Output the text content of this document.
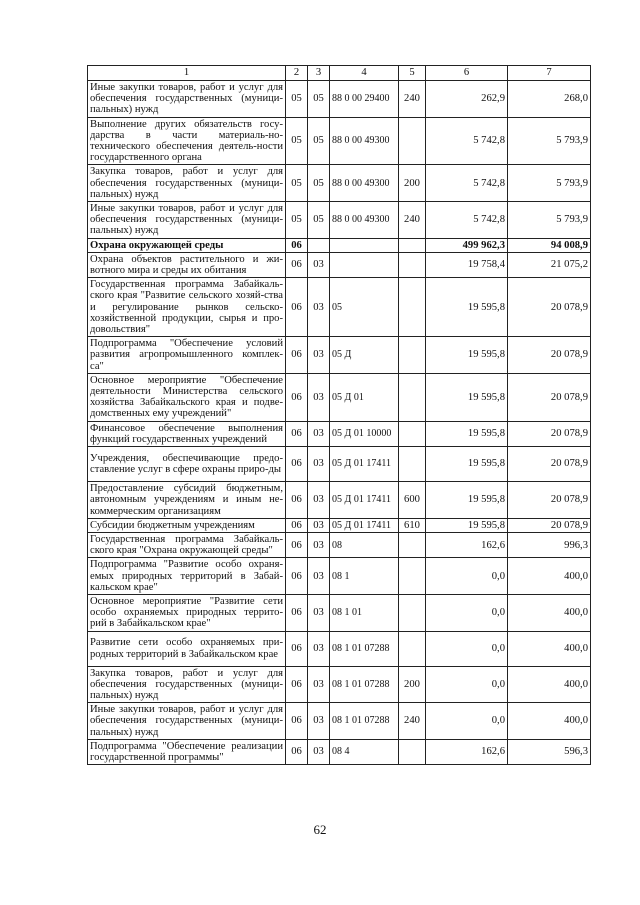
1	2	3	4	5	6	7
Иные закупки товаров, работ и услуг для обеспечения государственных (муници-пальных) нужд	05	05	88 0 00 29400	240	262,9	268,0
Выполнение других обязательств госу-дарства в части материаль-но-технического обеспечения деятель-ности государственного органа	05	05	88 0 00 49300		5 742,8	5 793,9
Закупка товаров, работ и услуг для обеспечения государственных (муници-пальных) нужд	05	05	88 0 00 49300	200	5 742,8	5 793,9
Иные закупки товаров, работ и услуг для обеспечения государственных (муници-пальных) нужд	05	05	88 0 00 49300	240	5 742,8	5 793,9
Охрана окружающей среды	06				499 962,3	94 008,9
Охрана объектов растительного и жи-вотного мира и среды их обитания	06	03			19 758,4	21 075,2
Государственная программа Забайкаль-ского края "Развитие сельского хозяй-ства и регулирование рынков сельско-хозяйственной продукции, сырья и про-довольствия"	06	03	05		19 595,8	20 078,9
Подпрограмма "Обеспечение условий развития агропромышленного комплек-са"	06	03	05 Д		19 595,8	20 078,9
Основное мероприятие "Обеспечение деятельности Министерства сельского хозяйства Забайкальского края и подве-домственных ему учреждений"	06	03	05 Д 01		19 595,8	20 078,9
Финансовое обеспечение выполнения функций государственных учреждений	06	03	05 Д 01 10000		19 595,8	20 078,9
Учреждения, обеспечивающие предо-ставление услуг в сфере охраны приро-ды	06	03	05 Д 01 17411		19 595,8	20 078,9
Предоставление субсидий бюджетным, автономным учреждениям и иным не-коммерческим организациям	06	03	05 Д 01 17411	600	19 595,8	20 078,9
Субсидии бюджетным учреждениям	06	03	05 Д 01 17411	610	19 595,8	20 078,9
Государственная программа Забайкаль-ского края "Охрана окружающей среды"	06	03	08		162,6	996,3
Подпрограмма "Развитие особо охраня-емых природных территорий в Забай-кальском крае"	06	03	08 1		0,0	400,0
Основное мероприятие "Развитие сети особо охраняемых природных террито-рий в Забайкальском крае"	06	03	08 1 01		0,0	400,0
Развитие сети особо охраняемых при-родных территорий в Забайкальском крае	06	03	08 1 01 07288		0,0	400,0
Закупка товаров, работ и услуг для обеспечения государственных (муници-пальных) нужд	06	03	08 1 01 07288	200	0,0	400,0
Иные закупки товаров, работ и услуг для обеспечения государственных (муници-пальных) нужд	06	03	08 1 01 07288	240	0,0	400,0
Подпрограмма "Обеспечение реализации государственной программы"	06	03	08 4		162,6	596,3
62
